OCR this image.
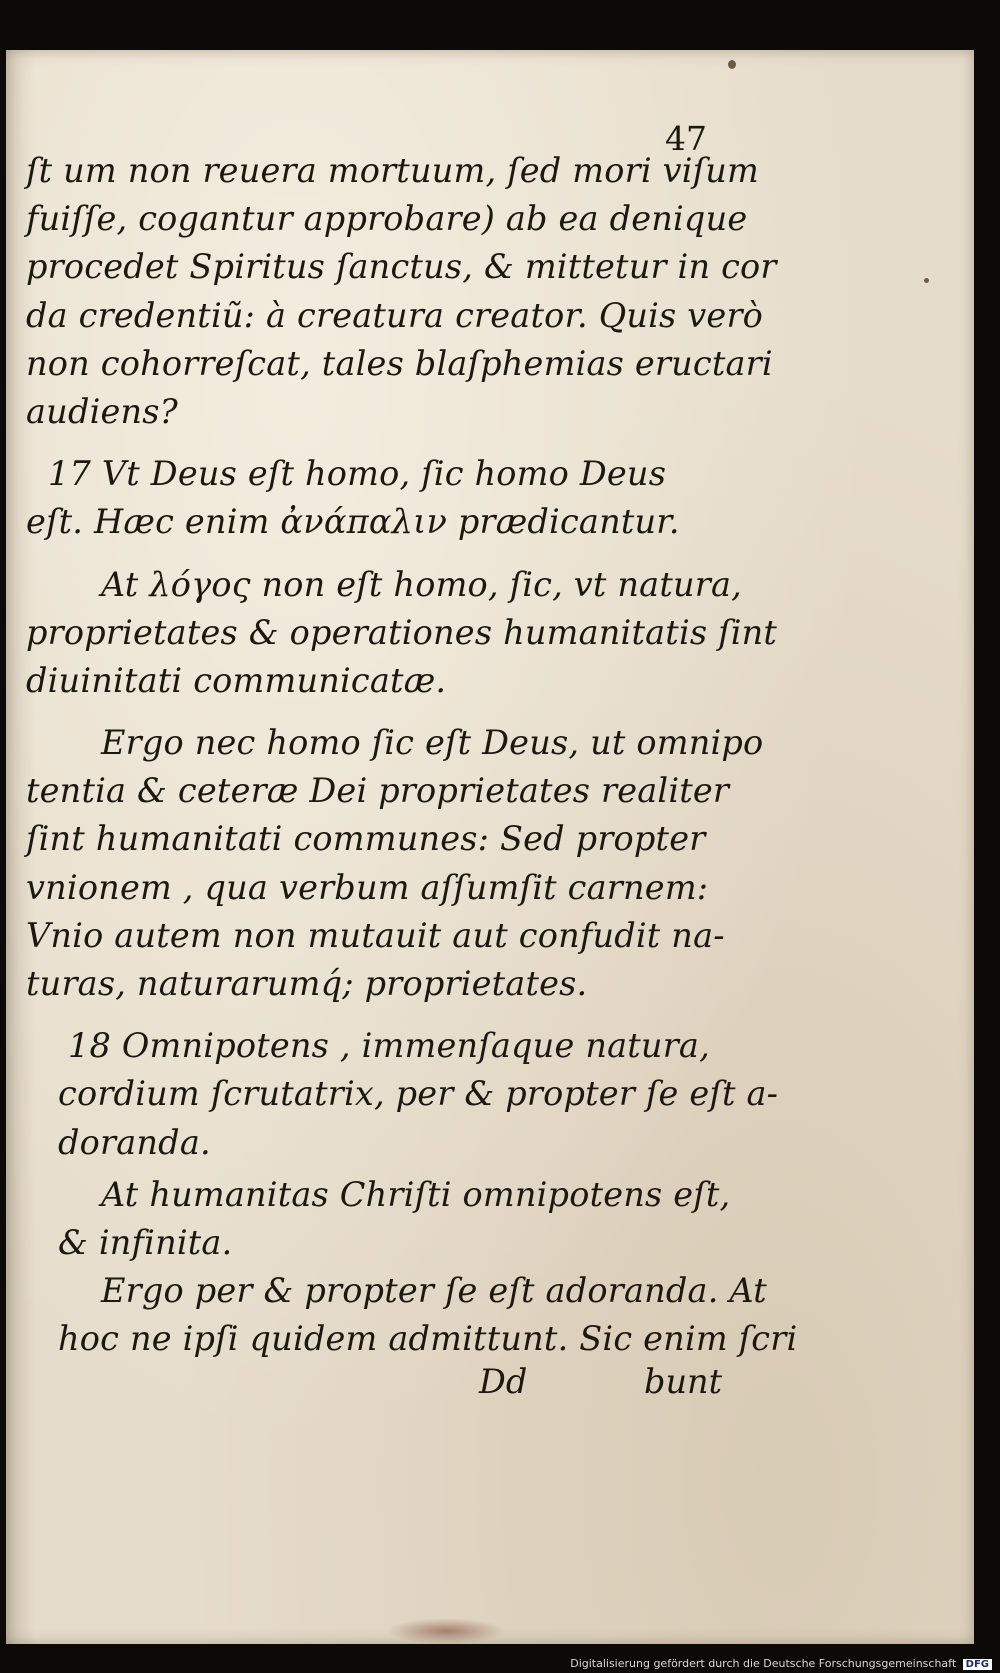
47
ſt um non reuera mortuum, ſed mori viſum
fuiſſe, cogantur approbare) ab ea denique
procedet Spiritus ſanctus, & mittetur in cor
da credentiũ: à creatura creator. Quis verò
non cohorreſcat, tales blaſphemias eructari
audiens?
17 Vt Deus eſt homo, ſic homo Deus
eſt. Hæc enim ἀνάπαλιν prædicantur.
At λόγος non eſt homo, ſic, vt natura,
proprietates & operationes humanitatis ſint
diuinitati communicatæ.
Ergo nec homo ſic eſt Deus, ut omnipo
tentia & ceteræ Dei proprietates realiter
ſint humanitati communes: Sed propter
vnionem , qua verbum aſſumſit carnem:
Vnio autem non mutauit aut confudit na-
turas, naturarumq́; proprietates.
18 Omnipotens , immenſaque natura,
cordium ſcrutatrix, per & propter ſe eſt a-
doranda.
At humanitas Chriſti omnipotens eſt,
& infinita.
Ergo per & propter ſe eſt adoranda. At
hoc ne ipſi quidem admittunt. Sic enim ſcri
Dd	bunt
Digitalisierung gefördert durch die Deutsche Forschungsgemeinschaft DFG
